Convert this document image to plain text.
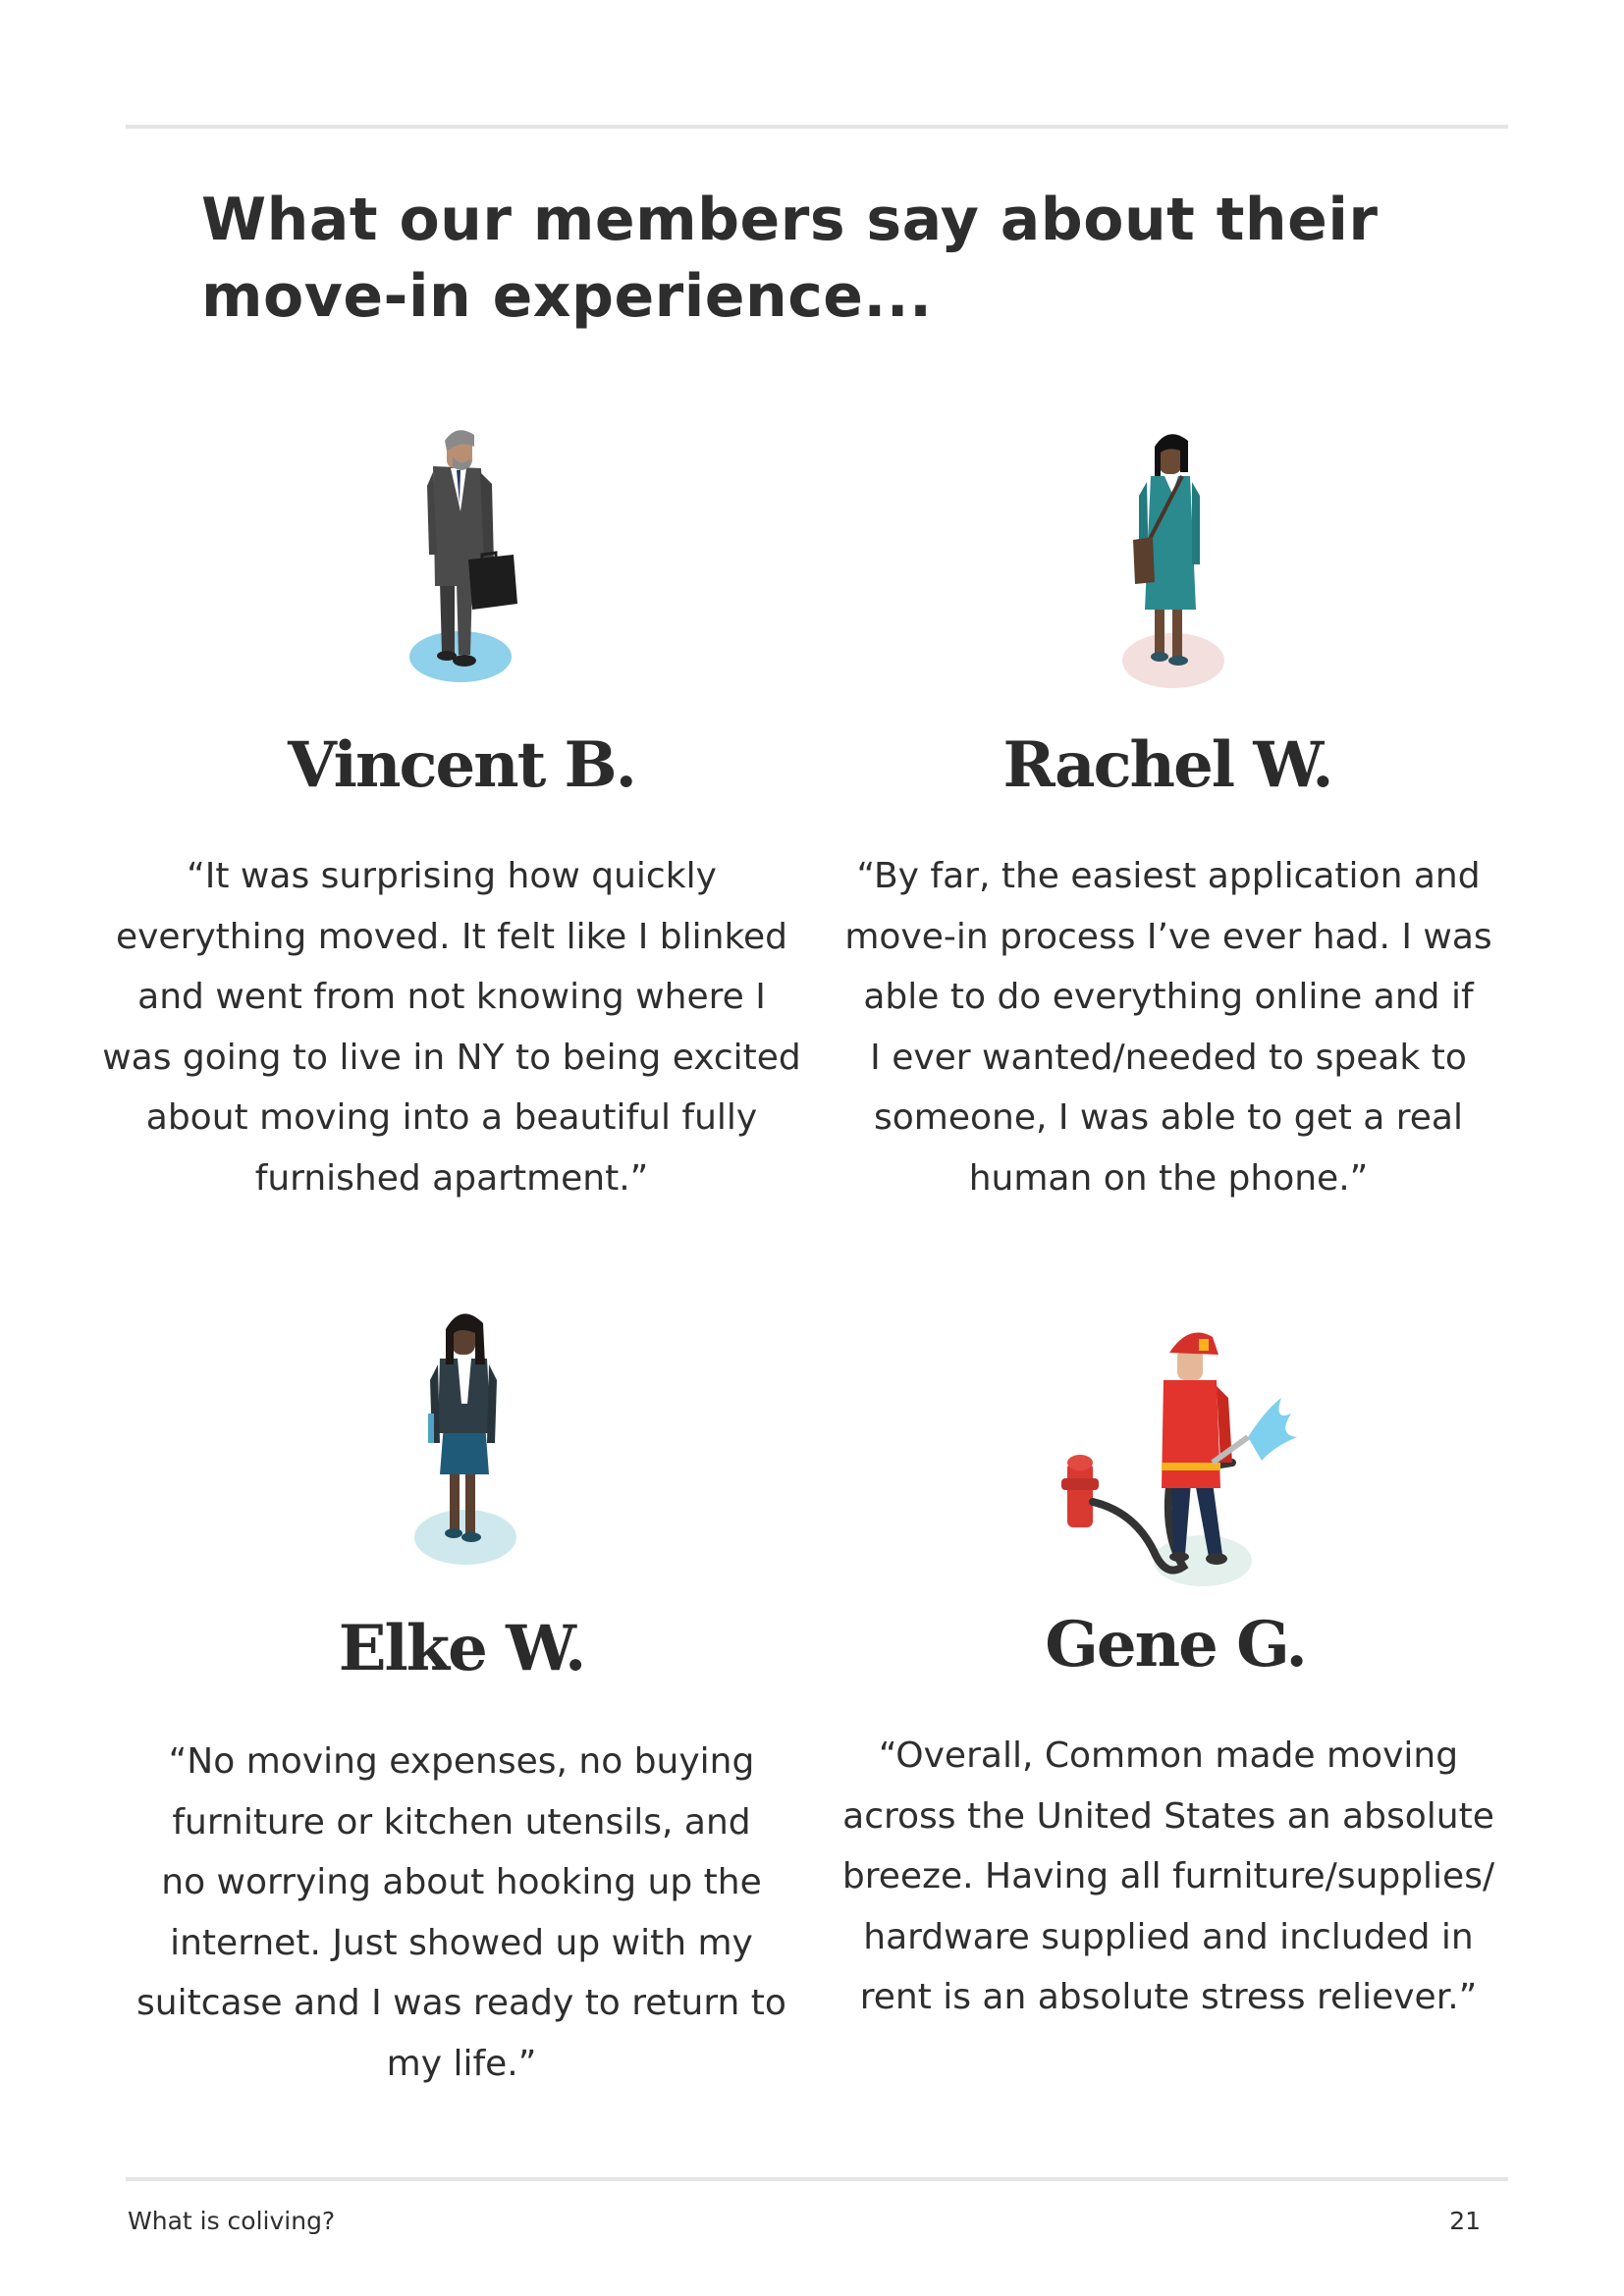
What our members say about their
move-in experience...
Vincent B.
“It was surprising how quickly
everything moved. It felt like I blinked
and went from not knowing where I
was going to live in NY to being excited
about moving into a beautiful fully
furnished apartment.”
Rachel W.
“By far, the easiest application and
move-in process I’ve ever had. I was
able to do everything online and if
I ever wanted/needed to speak to
someone, I was able to get a real
human on the phone.”
Elke W.
“No moving expenses, no buying
furniture or kitchen utensils, and
no worrying about hooking up the
internet. Just showed up with my
suitcase and I was ready to return to
my life.”
Gene G.
“Overall, Common made moving
across the United States an absolute
breeze. Having all furniture/supplies/
hardware supplied and included in
rent is an absolute stress reliever.”
What is coliving?	21
